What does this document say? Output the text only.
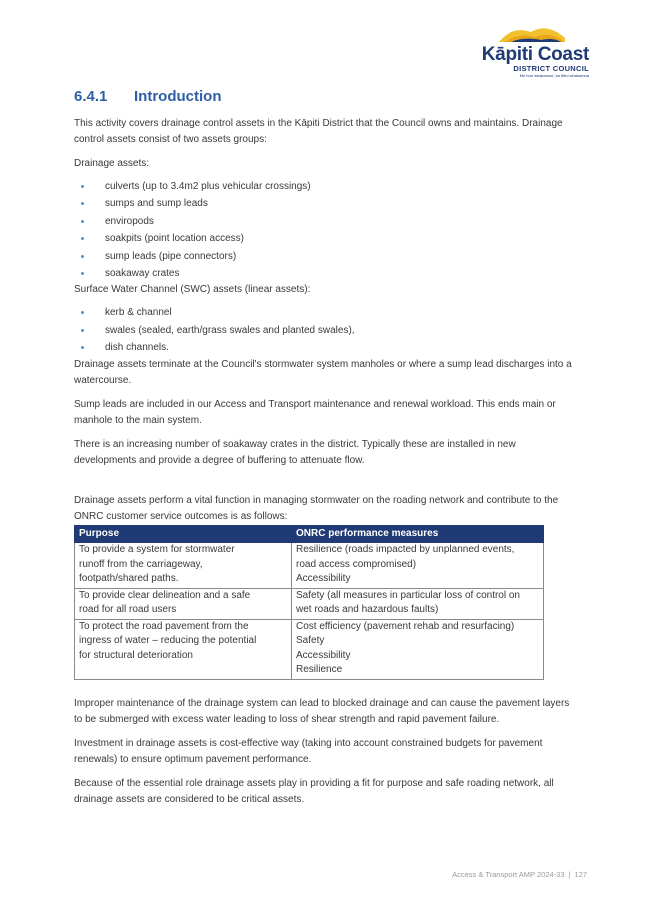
Kāpiti Coast
DISTRICT COUNCIL
Me huri whakamuri, ka titiro whakamua
6.4.1 Introduction

This activity covers drainage control assets in the Kāpiti District that the Council owns and maintains. Drainage control assets consist of two assets groups:

Drainage assets:

culverts (up to 3.4m2 plus vehicular crossings)
sumps and sump leads
enviropods
soakpits (point location access)
sump leads (pipe connectors)
soakaway crates

Surface Water Channel (SWC) assets (linear assets):

kerb & channel
swales (sealed, earth/grass swales and planted swales),
dish channels.

Drainage assets terminate at the Council's stormwater system manholes or where a sump lead discharges into a watercourse.

Sump leads are included in our Access and Transport maintenance and renewal workload. This ends main or manhole to the main system.

There is an increasing number of soakaway crates in the district. Typically these are installed in new developments and provide a degree of buffering to attenuate flow.

Drainage assets perform a vital function in managing stormwater on the roading network and contribute to the ONRC customer service outcomes is as follows:

Purpose	ONRC performance measures

To provide a system for stormwater
runoff from the carriageway,
footpath/shared paths.	Resilience (roads impacted by unplanned events,
road access compromised)
Accessibility

To provide clear delineation and a safe
road for all road users	Safety (all measures in particular loss of control on
wet roads and hazardous faults)

To protect the road pavement from the
ingress of water – reducing the potential
for structural deterioration	Cost efficiency (pavement rehab and resurfacing)
Safety
Accessibility
Resilience

Improper maintenance of the drainage system can lead to blocked drainage and can cause the pavement layers to be submerged with excess water leading to loss of shear strength and rapid pavement failure.

Investment in drainage assets is cost-effective way (taking into account constrained budgets for pavement renewals) to ensure optimum pavement performance.

Because of the essential role drainage assets play in providing a fit for purpose and safe roading network, all drainage assets are considered to be critical assets.

Access & Transport AMP 2024-33 | 127
